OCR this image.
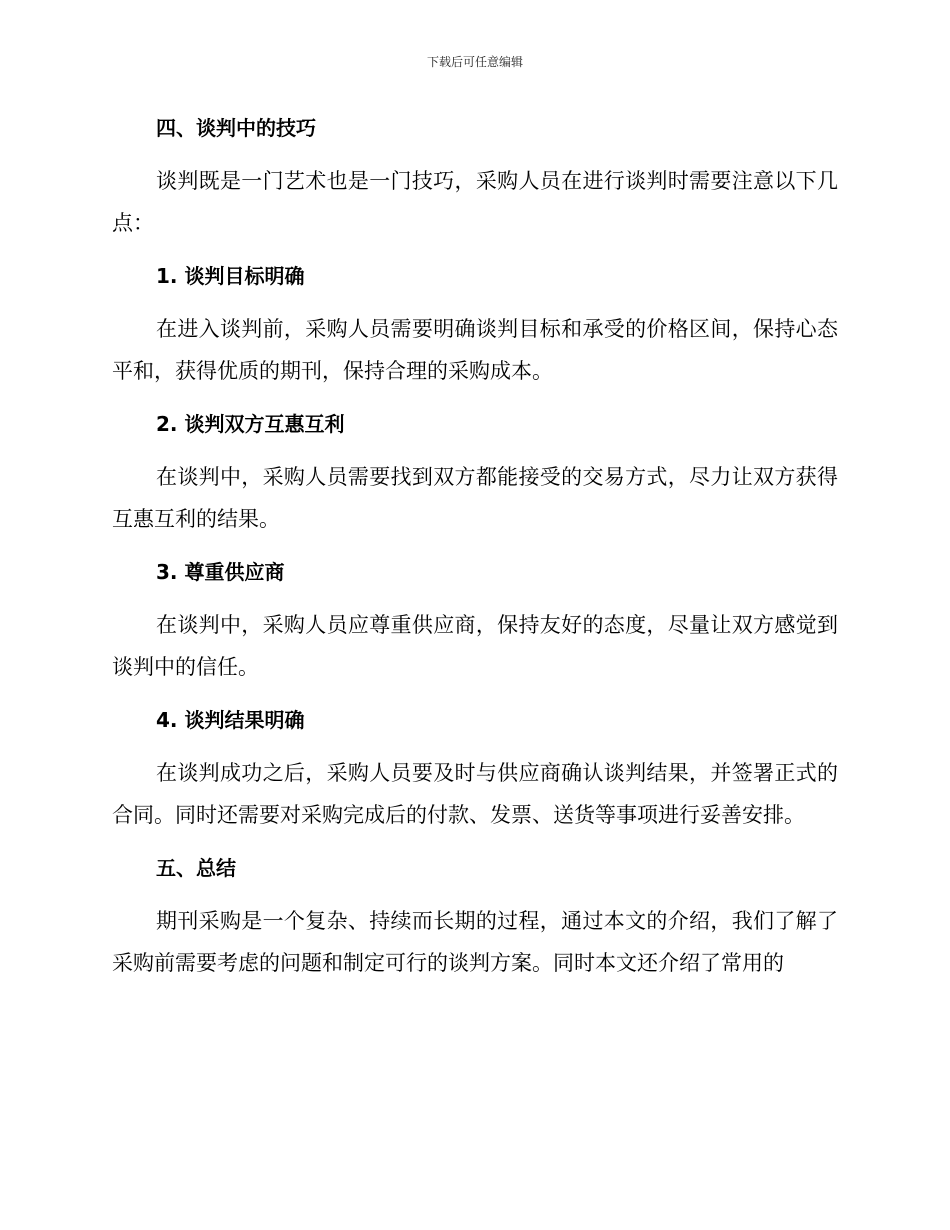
下载后可任意编辑
四、谈判中的技巧

谈判既是一门艺术也是一门技巧，采购人员在进行谈判时需要注意以下几点：

1. 谈判目标明确

在进入谈判前，采购人员需要明确谈判目标和承受的价格区间，保持心态平和，获得优质的期刊，保持合理的采购成本。

2. 谈判双方互惠互利

在谈判中，采购人员需要找到双方都能接受的交易方式，尽力让双方获得互惠互利的结果。

3. 尊重供应商

在谈判中，采购人员应尊重供应商，保持友好的态度，尽量让双方感觉到谈判中的信任。

4. 谈判结果明确

在谈判成功之后，采购人员要及时与供应商确认谈判结果，并签署正式的合同。同时还需要对采购完成后的付款、发票、送货等事项进行妥善安排。

五、总结

期刊采购是一个复杂、持续而长期的过程，通过本文的介绍，我们了解了采购前需要考虑的问题和制定可行的谈判方案。同时本文还介绍了常用的
